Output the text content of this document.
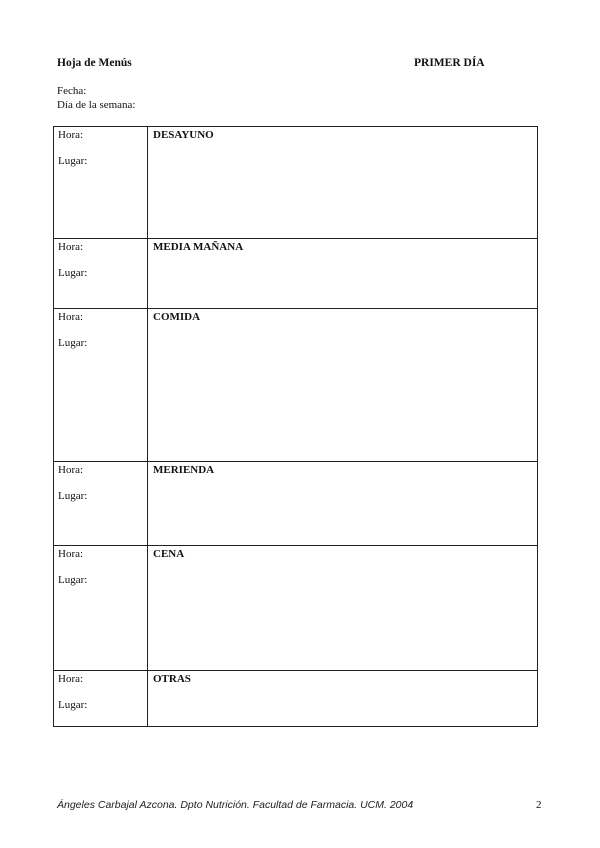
Hoja de Menús	PRIMER DÍA
Fecha:
Día de la semana:
Hora:
Lugar:
DESAYUNO
Hora:
Lugar:
MEDIA MAÑANA
Hora:
Lugar:
COMIDA
Hora:
Lugar:
MERIENDA
Hora:
Lugar:
CENA
Hora:
Lugar:
OTRAS
Ángeles Carbajal Azcona. Dpto Nutrición. Facultad de Farmacia. UCM. 2004	2
